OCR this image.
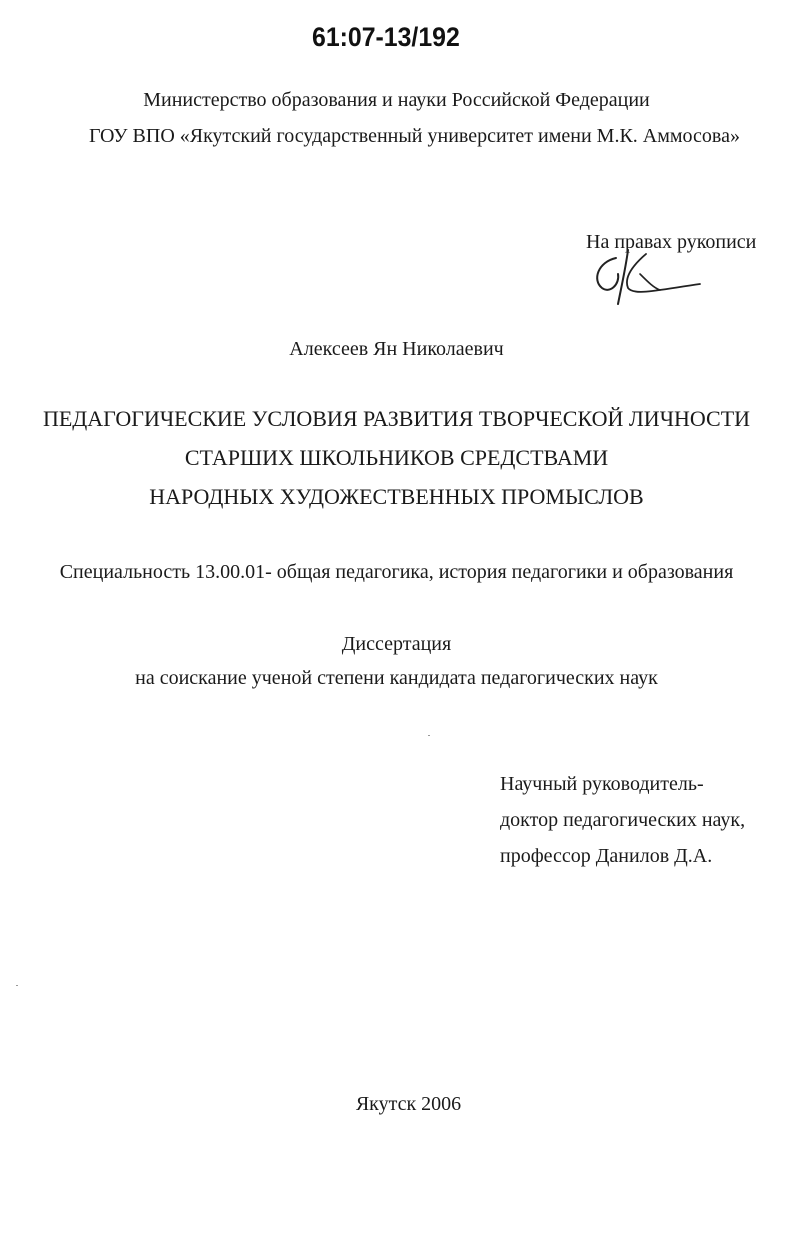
61:07-13/192
Министерство образования и науки Российской Федерации
ГОУ ВПО «Якутский государственный университет имени М.К. Аммосова»
На правах рукописи
Алексеев Ян Николаевич
ПЕДАГОГИЧЕСКИЕ УСЛОВИЯ РАЗВИТИЯ ТВОРЧЕСКОЙ ЛИЧНОСТИ
СТАРШИХ ШКОЛЬНИКОВ СРЕДСТВАМИ
НАРОДНЫХ ХУДОЖЕСТВЕННЫХ ПРОМЫСЛОВ
Специальность 13.00.01- общая педагогика, история педагогики и образования
Диссертация
на соискание ученой степени кандидата педагогических наук
Научный руководитель-
доктор педагогических наук,
профессор Данилов Д.А.
Якутск 2006
